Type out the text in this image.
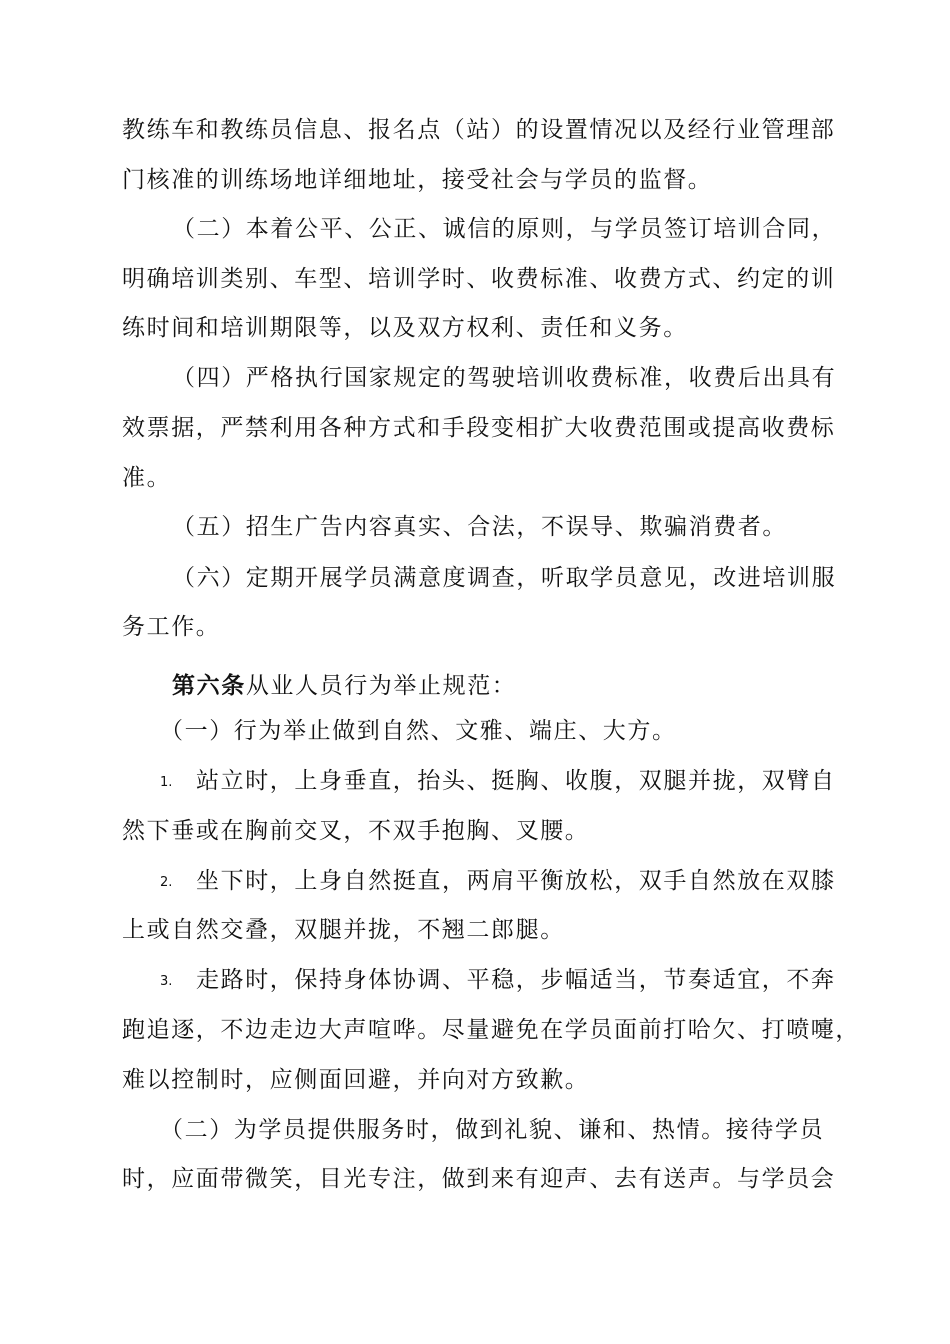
教练车和教练员信息、报名点（站）的设置情况以及经行业管理部
门核准的训练场地详细地址，接受社会与学员的监督。
（二）本着公平、公正、诚信的原则，与学员签订培训合同，
明确培训类别、车型、培训学时、收费标准、收费方式、约定的训
练时间和培训期限等，以及双方权利、责任和义务。
（四）严格执行国家规定的驾驶培训收费标准，收费后出具有
效票据，严禁利用各种方式和手段变相扩大收费范围或提高收费标
准。
（五）招生广告内容真实、合法，不误导、欺骗消费者。
（六）定期开展学员满意度调查，听取学员意见，改进培训服
务工作。
第六条从业人员行为举止规范：
（一）行为举止做到自然、文雅、端庄、大方。
1. 站立时，上身垂直，抬头、挺胸、收腹，双腿并拢，双臂自
然下垂或在胸前交叉，不双手抱胸、叉腰。
2. 坐下时，上身自然挺直，两肩平衡放松，双手自然放在双膝
上或自然交叠，双腿并拢，不翘二郎腿。
3. 走路时，保持身体协调、平稳，步幅适当，节奏适宜，不奔
跑追逐，不边走边大声喧哗。尽量避免在学员面前打哈欠、打喷嚏，
难以控制时，应侧面回避，并向对方致歉。
（二）为学员提供服务时，做到礼貌、谦和、热情。接待学员
时，应面带微笑，目光专注，做到来有迎声、去有送声。与学员会
